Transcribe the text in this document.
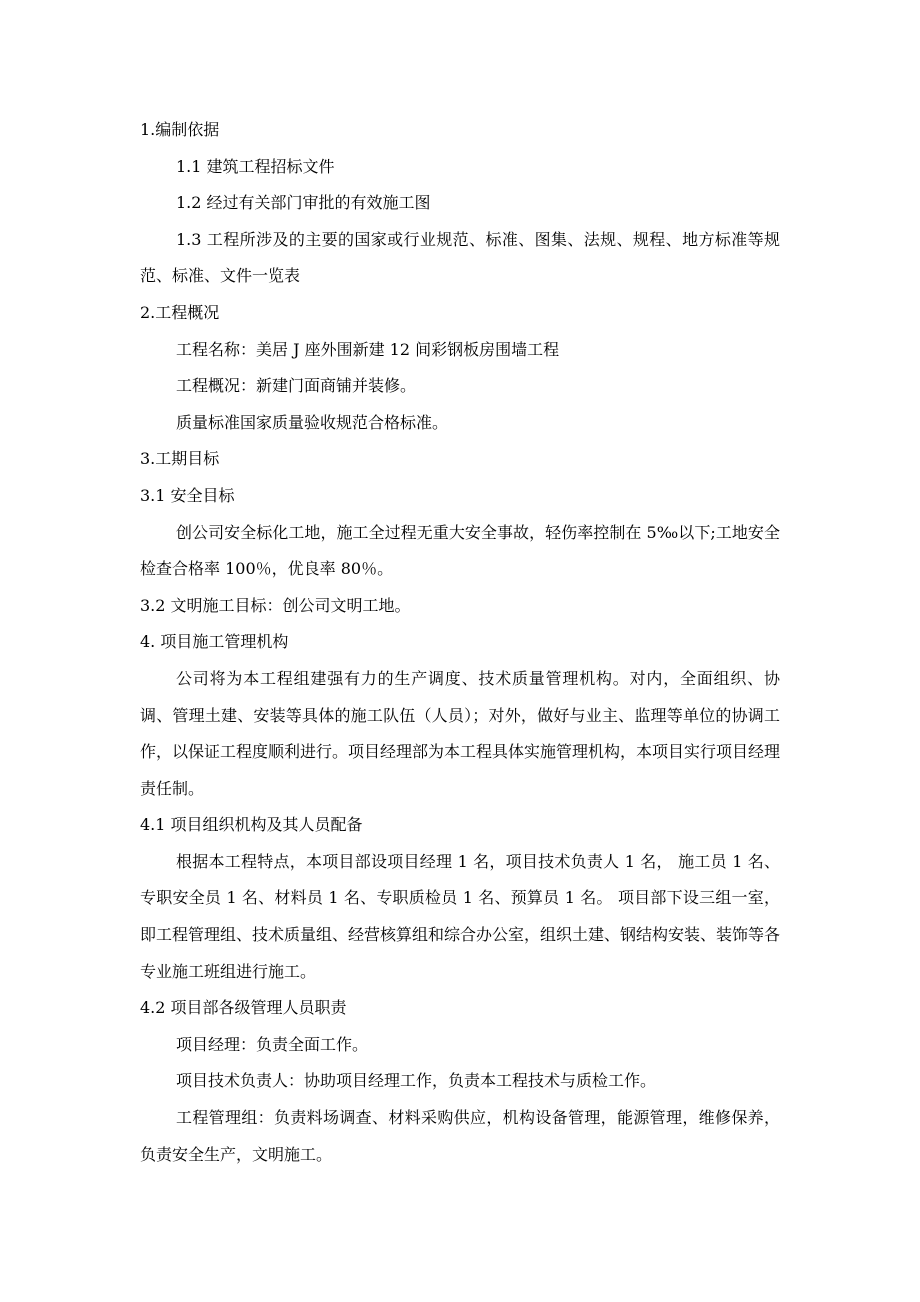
1.编制依据
1.1 建筑工程招标文件
1.2 经过有关部门审批的有效施工图
1.3 工程所涉及的主要的国家或行业规范、标准、图集、法规、规程、地方标准等规范、标准、文件一览表
2.工程概况
工程名称：美居 J 座外围新建 12 间彩钢板房围墙工程
工程概况：新建门面商铺并装修。
质量标准国家质量验收规范合格标准。
3.工期目标
3.1 安全目标
创公司安全标化工地，施工全过程无重大安全事故，轻伤率控制在 5‰以下;工地安全检查合格率 100％，优良率 80％。
3.2 文明施工目标：创公司文明工地。
4. 项目施工管理机构
公司将为本工程组建强有力的生产调度、技术质量管理机构。对内，全面组织、协调、管理土建、安装等具体的施工队伍（人员）；对外，做好与业主、监理等单位的协调工作，以保证工程度顺利进行。项目经理部为本工程具体实施管理机构，本项目实行项目经理责任制。
4.1 项目组织机构及其人员配备
根据本工程特点，本项目部设项目经理 1 名，项目技术负责人 1 名， 施工员 1 名、专职安全员 1 名、材料员 1 名、专职质检员 1 名、预算员 1 名。 项目部下设三组一室，即工程管理组、技术质量组、经营核算组和综合办公室，组织土建、钢结构安装、装饰等各专业施工班组进行施工。
4.2 项目部各级管理人员职责
项目经理：负责全面工作。
项目技术负责人：协助项目经理工作，负责本工程技术与质检工作。
工程管理组：负责料场调查、材料采购供应，机构设备管理，能源管理，维修保养，负责安全生产，文明施工。
